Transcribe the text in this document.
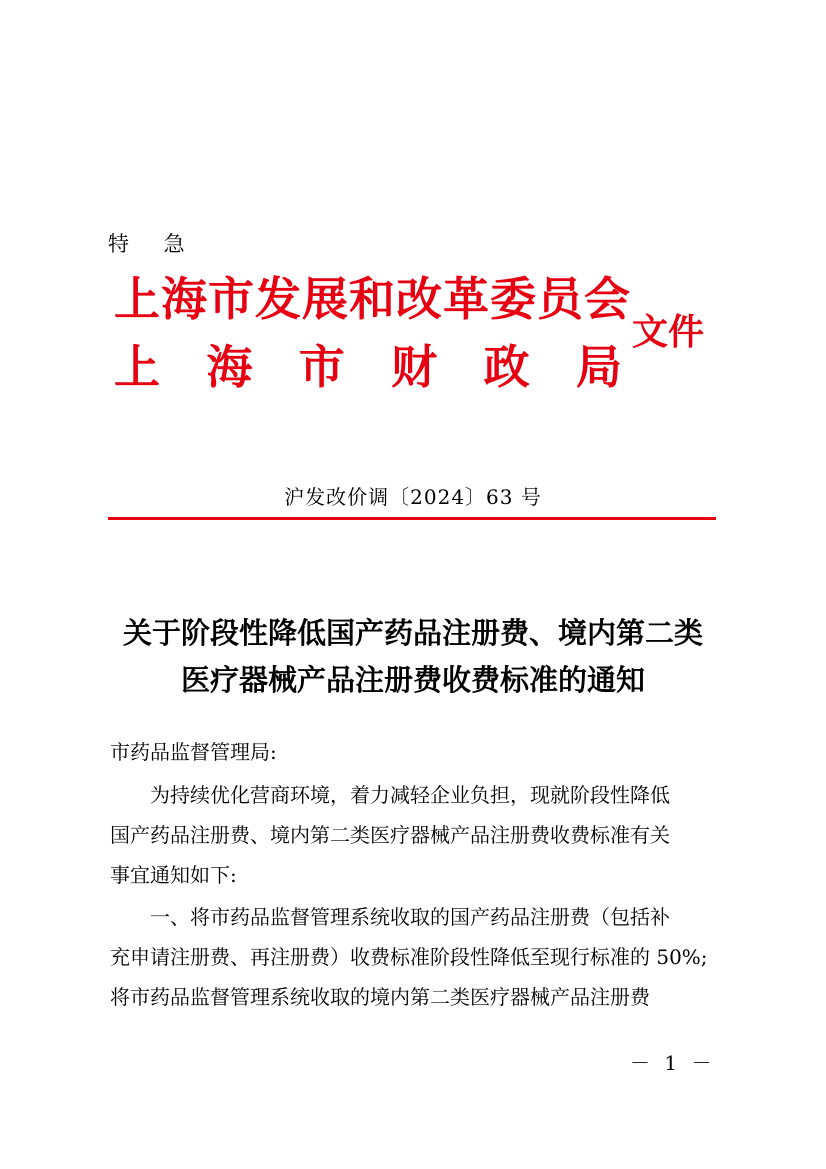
特 急
上海市发展和改革委员会
上 海 市 财 政 局
文件
沪发改价调〔2024〕63 号
关于阶段性降低国产药品注册费、境内第二类
医疗器械产品注册费收费标准的通知
市药品监督管理局:
为持续优化营商环境，着力减轻企业负担，现就阶段性降低
国产药品注册费、境内第二类医疗器械产品注册费收费标准有关
事宜通知如下:
一、将市药品监督管理系统收取的国产药品注册费（包括补
充申请注册费、再注册费）收费标准阶段性降低至现行标准的 50%;
将市药品监督管理系统收取的境内第二类医疗器械产品注册费
－ 1 －
